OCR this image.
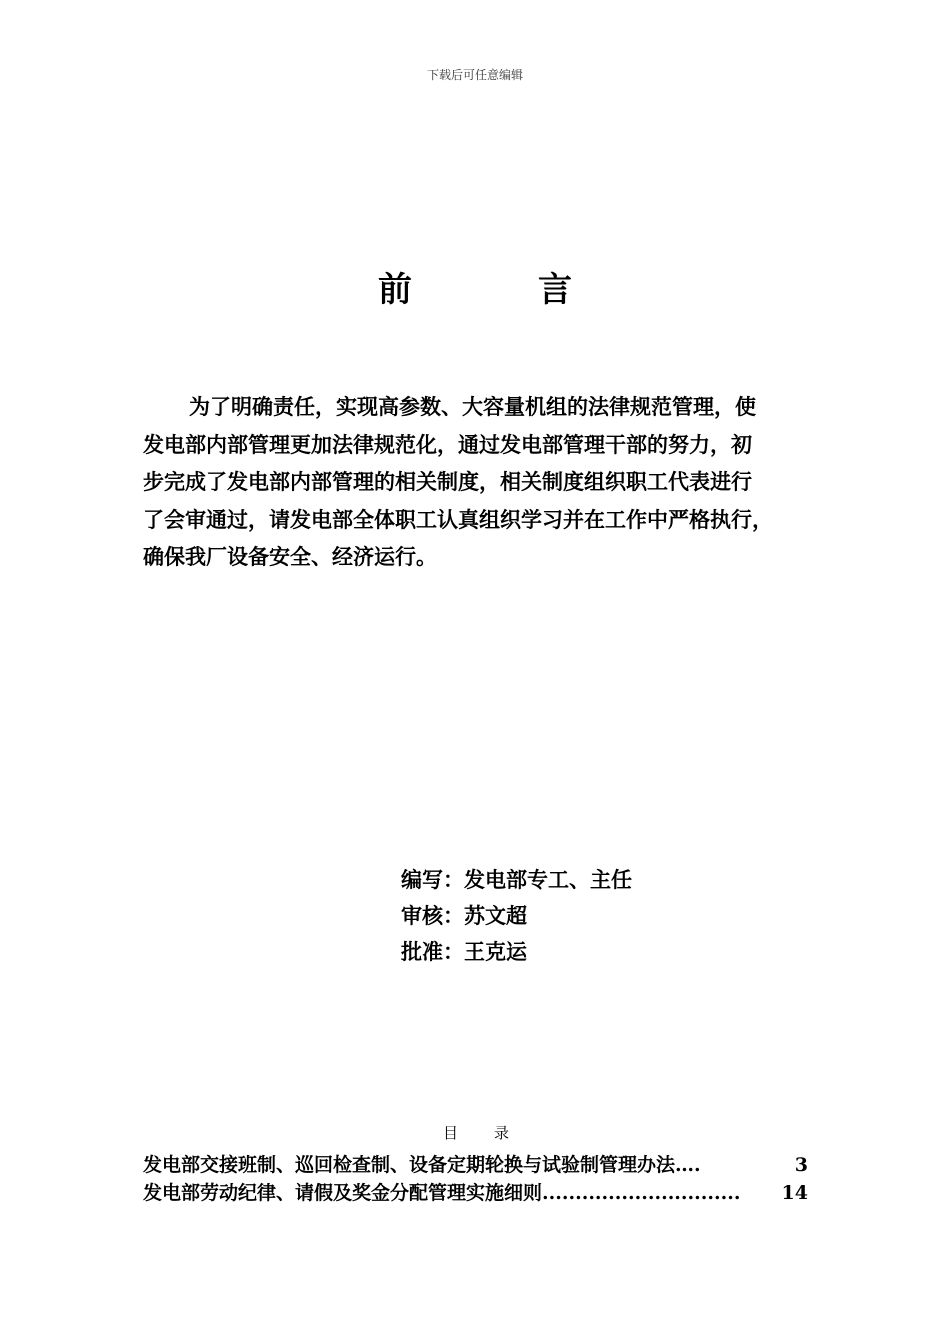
下载后可任意编辑
前	言

为了明确责任，实现高参数、大容量机组的法律规范管理，使
发电部内部管理更加法律规范化，通过发电部管理干部的努力，初
步完成了发电部内部管理的相关制度，相关制度组织职工代表进行
了会审通过，请发电部全体职工认真组织学习并在工作中严格执行，
确保我厂设备安全、经济运行。

编写：发电部专工、主任
审核：苏文超
批准：王克运
目 录
发电部交接班制、巡回检查制、设备定期轮换与试验制管理办法 ….	3
发电部劳动纪律、请假及奖金分配管理实施细则 ..............................	14
